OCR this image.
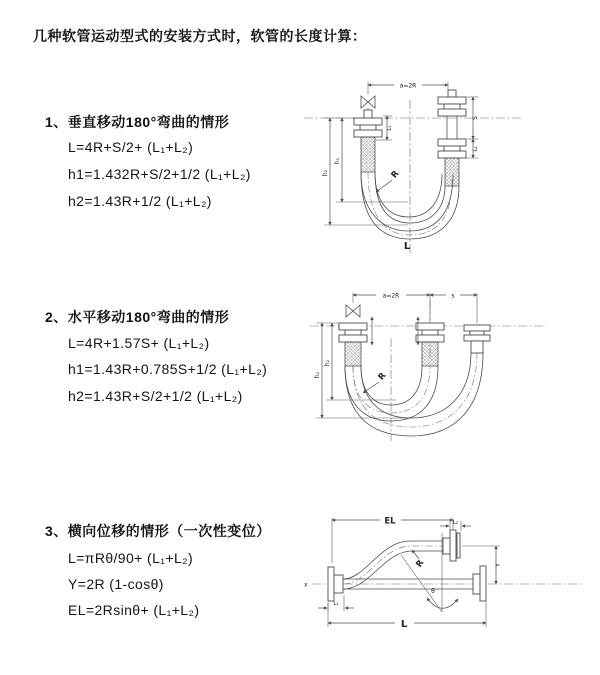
几种软管运动型式的安装方式时，软管的长度计算：
1、垂直移动180°弯曲的情形
L=4R+S/2+ (L₁+L₂)
h1=1.432R+S/2+1/2 (L₁+L₂)
h2=1.43R+1/2 (L₁+L₂)
2、水平移动180°弯曲的情形
L=4R+1.57S+ (L₁+L₂)
h1=1.43R+0.785S+1/2 (L₁+L₂)
h2=1.43R+S/2+1/2 (L₁+L₂)
3、横向位移的情形（一次性变位）
L=πRθ/90+ (L₁+L₂)
Y=2R (1-cosθ)
EL=2Rsinθ+ (L₁+L₂)
a=2R
h₁
h₂
L₁
S
L₂
R
L
a=2R	s
h₂
h₁	R
x
EL	L₂
θ
R	Y
L₁
L
